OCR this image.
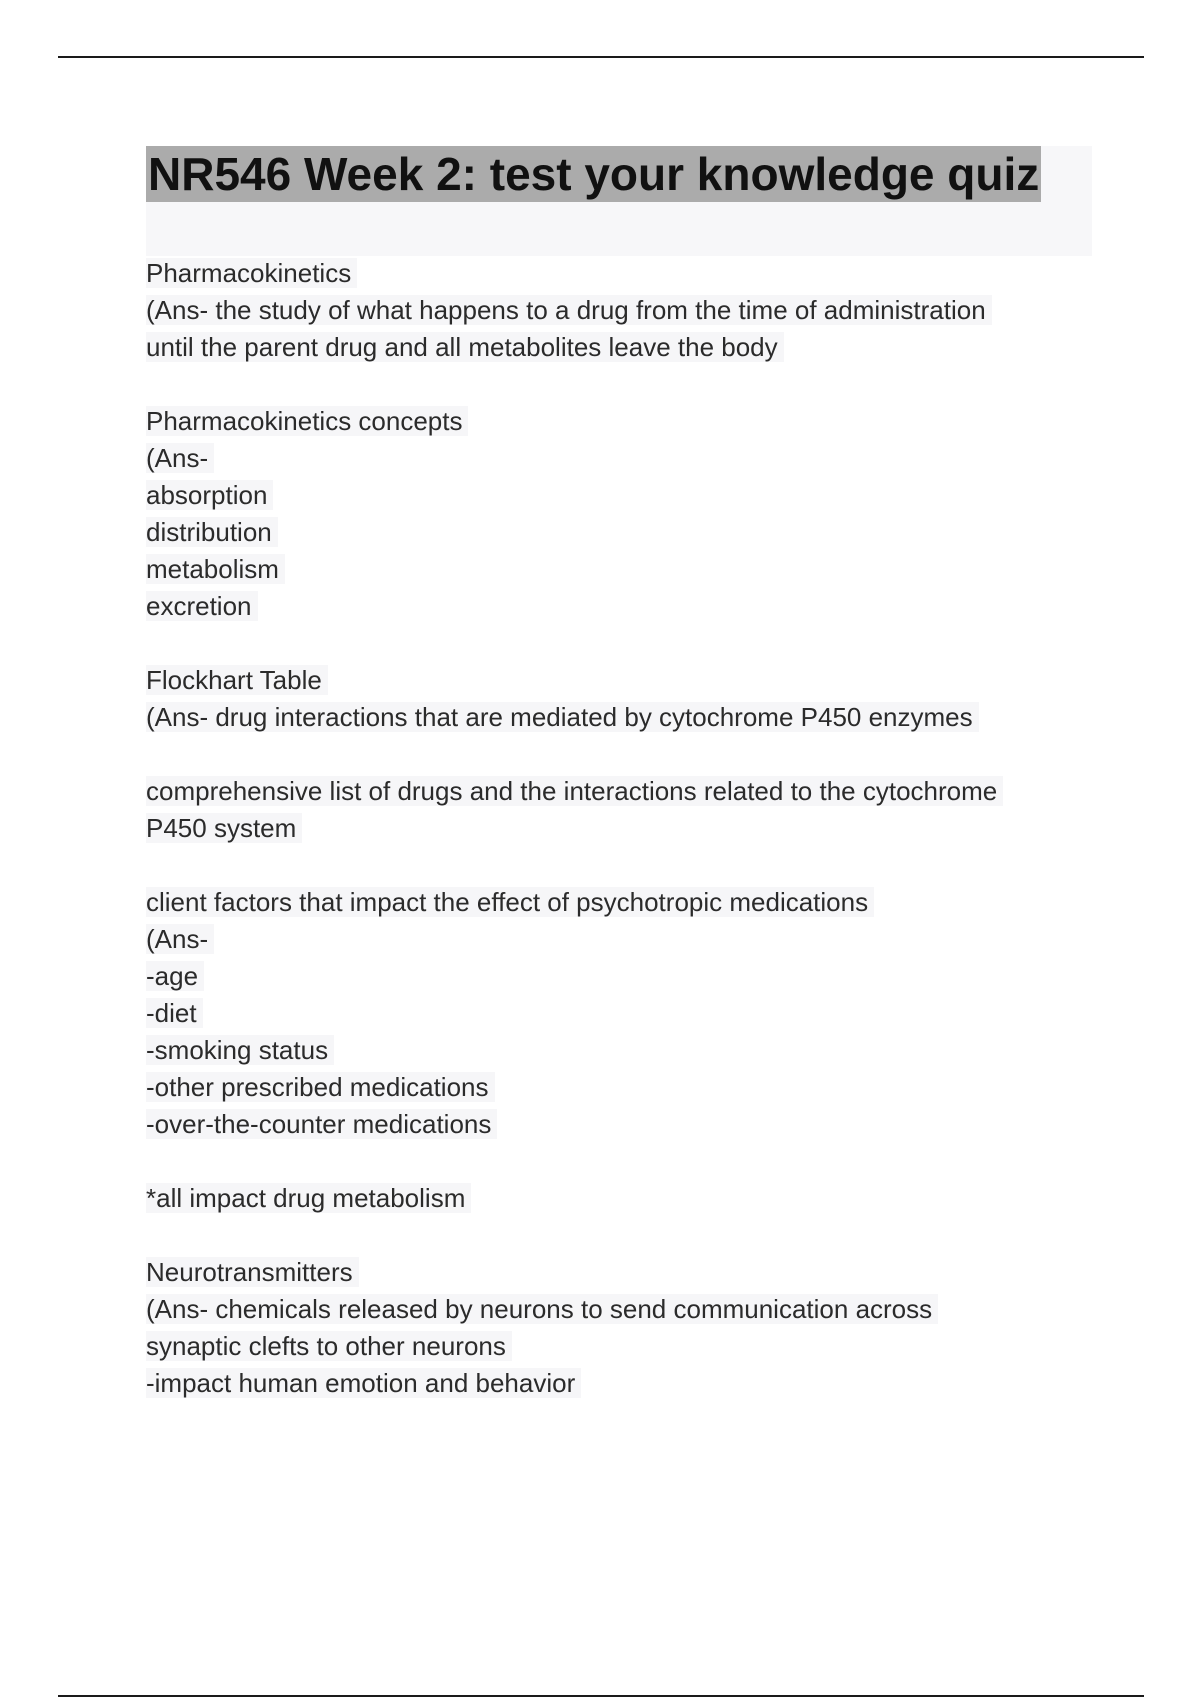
NR546 Week 2: test your knowledge quiz
Pharmacokinetics
(Ans- the study of what happens to a drug from the time of administration
until the parent drug and all metabolites leave the body
Pharmacokinetics concepts
(Ans-
absorption
distribution
metabolism
excretion
Flockhart Table
(Ans- drug interactions that are mediated by cytochrome P450 enzymes
comprehensive list of drugs and the interactions related to the cytochrome
P450 system
client factors that impact the effect of psychotropic medications
(Ans-
-age
-diet
-smoking status
-other prescribed medications
-over-the-counter medications
*all impact drug metabolism
Neurotransmitters
(Ans- chemicals released by neurons to send communication across
synaptic clefts to other neurons
-impact human emotion and behavior
